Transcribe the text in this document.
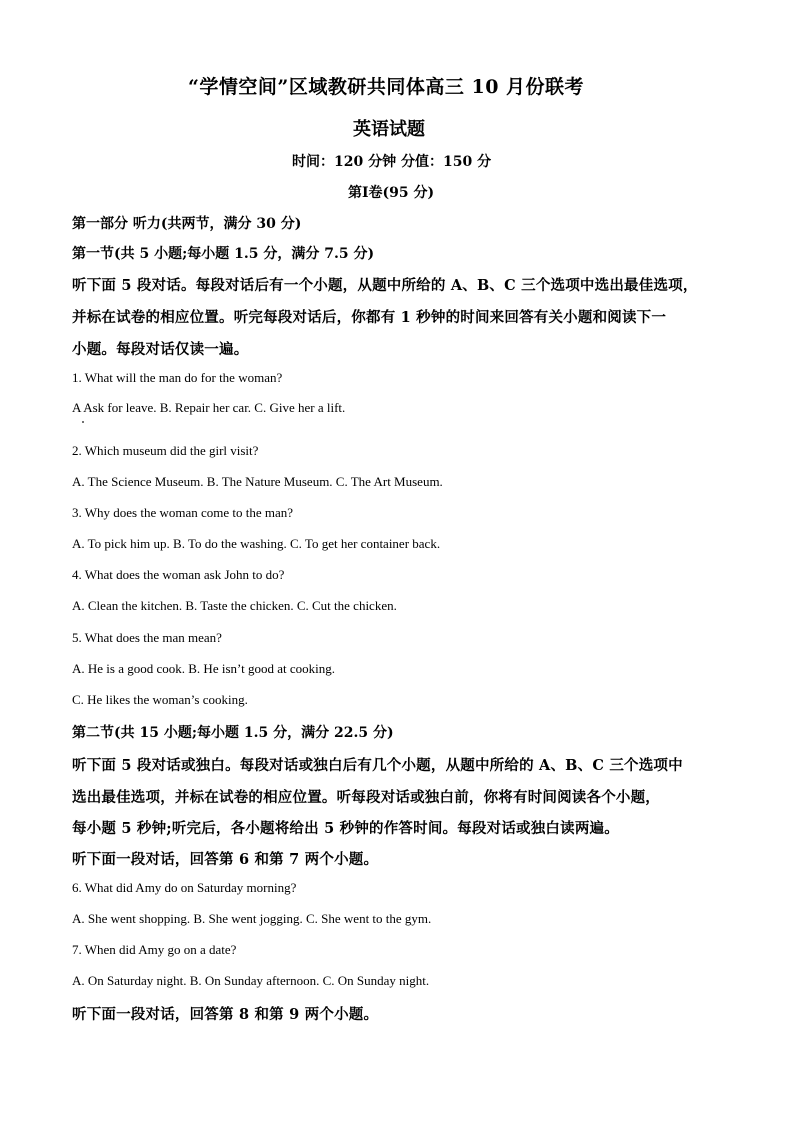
“学情空间”区域教研共同体高三 10 月份联考
英语试题
时间：120 分钟 分值：150 分
第Ⅰ卷(95 分)
第一部分 听力(共两节，满分 30 分)
第一节(共 5 小题;每小题 1.5 分，满分 7.5 分)
听下面 5 段对话。每段对话后有一个小题，从题中所给的 A、B、C 三个选项中选出最佳选项，
并标在试卷的相应位置。听完每段对话后，你都有 1 秒钟的时间来回答有关小题和阅读下一
小题。每段对话仅读一遍。
1. What will the man do for the woman?
A Ask for leave. B. Repair her car. C. Give her a lift.
2. Which museum did the girl visit?
A. The Science Museum. B. The Nature Museum. C. The Art Museum.
3. Why does the woman come to the man?
A. To pick him up. B. To do the washing. C. To get her container back.
4. What does the woman ask John to do?
A. Clean the kitchen. B. Taste the chicken. C. Cut the chicken.
5. What does the man mean?
A. He is a good cook. B. He isn’t good at cooking.
C. He likes the woman’s cooking.
第二节(共 15 小题;每小题 1.5 分，满分 22.5 分)
听下面 5 段对话或独白。每段对话或独白后有几个小题，从题中所给的 A、B、C 三个选项中
选出最佳选项，并标在试卷的相应位置。听每段对话或独白前，你将有时间阅读各个小题，
每小题 5 秒钟;听完后，各小题将给出 5 秒钟的作答时间。每段对话或独白读两遍。
听下面一段对话，回答第 6 和第 7 两个小题。
6. What did Amy do on Saturday morning?
A. She went shopping. B. She went jogging. C. She went to the gym.
7. When did Amy go on a date?
A. On Saturday night. B. On Sunday afternoon. C. On Sunday night.
听下面一段对话，回答第 8 和第 9 两个小题。
